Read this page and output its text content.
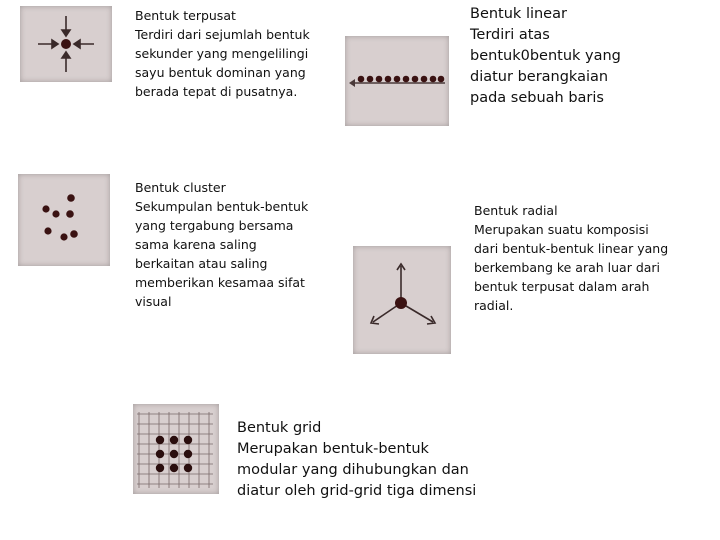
Bentuk terpusat
Terdiri dari sejumlah bentuk
sekunder yang mengelilingi
sayu bentuk dominan yang
berada tepat di pusatnya.
Bentuk linear
Terdiri atas
bentuk0bentuk yang
diatur berangkaian
pada sebuah baris
Bentuk cluster
Sekumpulan bentuk-bentuk
yang tergabung bersama
sama karena saling
berkaitan atau saling
memberikan kesamaa sifat
visual
Bentuk radial
Merupakan suatu komposisi
dari bentuk-bentuk linear yang
berkembang ke arah luar dari
bentuk terpusat dalam arah
radial.
Bentuk grid
Merupakan bentuk-bentuk
modular yang dihubungkan dan
diatur oleh grid-grid tiga dimensi
